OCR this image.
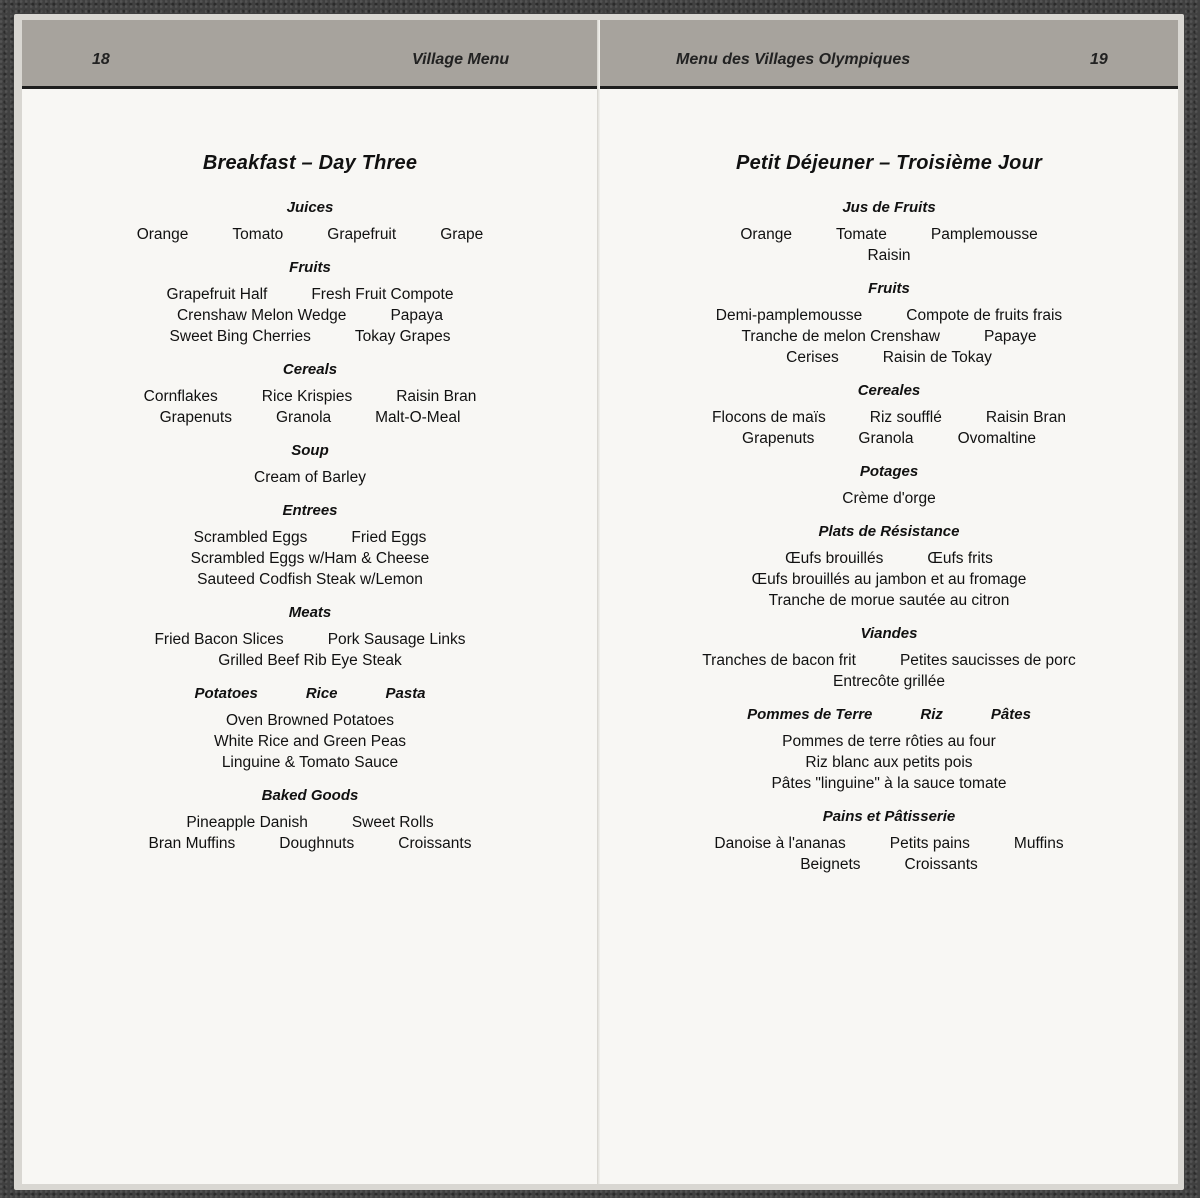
18	Village Menu
Breakfast – Day Three
Juices
Orange	Tomato	Grapefruit	Grape
Fruits
Grapefruit Half	Fresh Fruit Compote
Crenshaw Melon Wedge	Papaya
Sweet Bing Cherries	Tokay Grapes
Cereals
Cornflakes	Rice Krispies	Raisin Bran
Grapenuts	Granola	Malt-O-Meal
Soup
Cream of Barley
Entrees
Scrambled Eggs	Fried Eggs
Scrambled Eggs w/Ham & Cheese
Sauteed Codfish Steak w/Lemon
Meats
Fried Bacon Slices	Pork Sausage Links
Grilled Beef Rib Eye Steak
Potatoes	Rice	Pasta
Oven Browned Potatoes
White Rice and Green Peas
Linguine & Tomato Sauce
Baked Goods
Pineapple Danish	Sweet Rolls
Bran Muffins	Doughnuts	Croissants
Menu des Villages Olympiques	19
Petit Déjeuner – Troisième Jour
Jus de Fruits
Orange	Tomate	Pamplemousse
Raisin
Fruits
Demi-pamplemousse	Compote de fruits frais
Tranche de melon Crenshaw	Papaye
Cerises	Raisin de Tokay
Cereales
Flocons de maïs	Riz soufflé	Raisin Bran
Grapenuts	Granola	Ovomaltine
Potages
Crème d'orge
Plats de Résistance
Œufs brouillés	Œufs frits
Œufs brouillés au jambon et au fromage
Tranche de morue sautée au citron
Viandes
Tranches de bacon frit	Petites saucisses de porc
Entrecôte grillée
Pommes de Terre	Riz	Pâtes
Pommes de terre rôties au four
Riz blanc aux petits pois
Pâtes "linguine" à la sauce tomate
Pains et Pâtisserie
Danoise à l'ananas	Petits pains	Muffins
Beignets	Croissants
